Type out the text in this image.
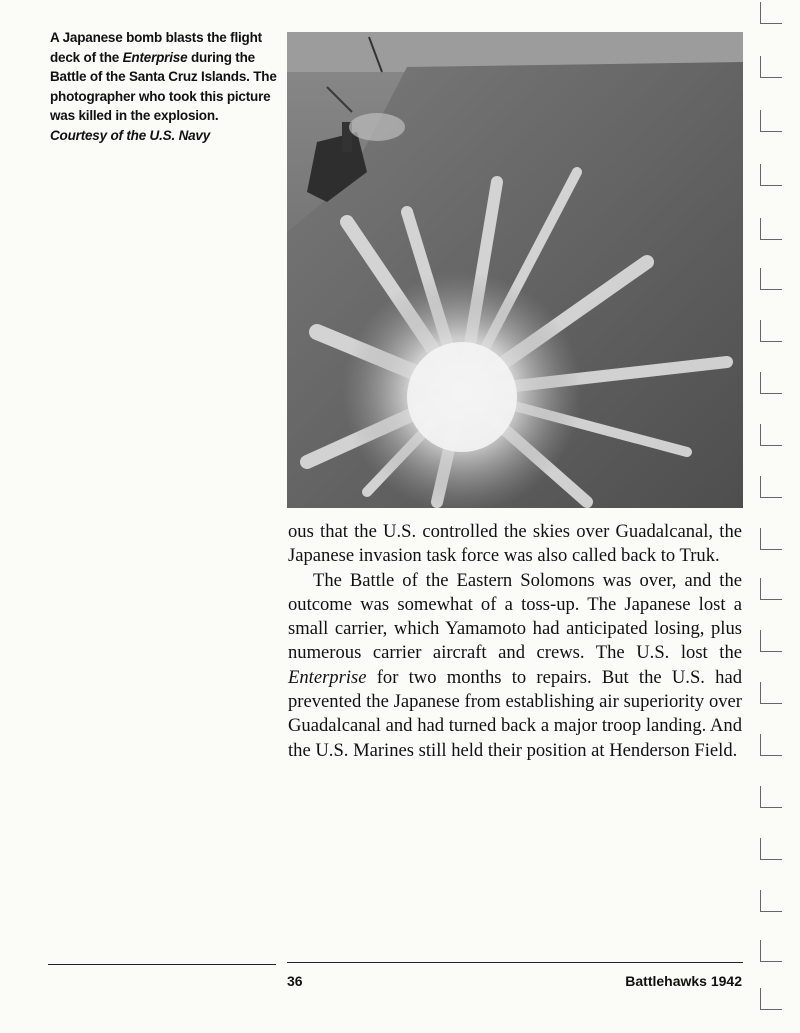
A Japanese bomb blasts the flight deck of the Enterprise during the Battle of the Santa Cruz Islands. The photographer who took this picture was killed in the explosion. Courtesy of the U.S. Navy

ous that the U.S. controlled the skies over Guadalcanal, the Japanese invasion task force was also called back to Truk.

The Battle of the Eastern Solomons was over, and the outcome was somewhat of a toss-up. The Japanese lost a small carrier, which Yamamoto had anticipated losing, plus numerous carrier aircraft and crews. The U.S. lost the Enterprise for two months to repairs. But the U.S. had prevented the Japanese from establishing air superiority over Guadalcanal and had turned back a major troop landing. And the U.S. Marines still held their position at Henderson Field.

36	Battlehawks 1942
